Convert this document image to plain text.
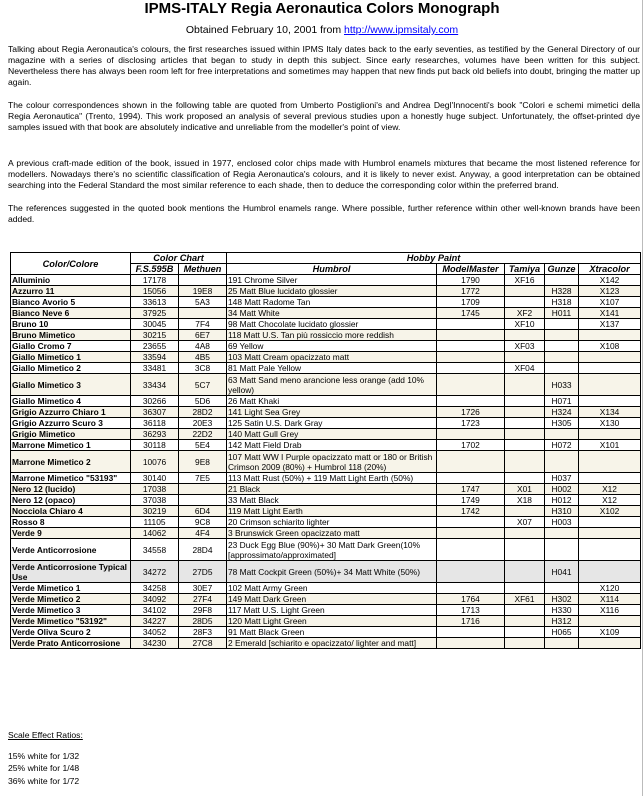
IPMS-ITALY Regia Aeronautica Colors Monograph
Obtained February 10, 2001 from http://www.ipmsitaly.com
Talking about Regia Aeronautica's colours, the first researches issued within IPMS Italy dates back to the early seventies, as testified by the General Directory of our magazine with a series of disclosing articles that began to study in depth this subject. Since early researches, volumes have been written for this subject. Nevertheless there has always been room left for free interpretations and sometimes may happen that new finds put back old beliefs into doubt, bringing the matter up again.
The colour correspondences shown in the following table are quoted from Umberto Postiglioni's and Andrea Degl'Innocenti's book "Colori e schemi mimetici della Regia Aeronautica" (Trento, 1994). This work proposed an analysis of several previous studies upon a honestly huge subject. Unfortunately, the offset-printed dye samples issued with that book are absolutely indicative and unreliable from the modeller's point of view.
A previous craft-made edition of the book, issued in 1977, enclosed color chips made with Humbrol enamels mixtures that became the most listened reference for modellers. Nowadays there's no scientific classification of Regia Aeronautica's colours, and it is likely to never exist. Anyway, a good interpretation can be obtained searching into the Federal Standard the most similar reference to each shade, then to deduce the corresponding color within the preferred brand.
The references suggested in the quoted book mentions the Humbrol enamels range. Where possible, further reference within other well-known brands have been added.
Color/Colore	Color Chart		Hobby Paint				
	F.S.595B	Methuen	Humbrol	ModelMaster	Tamiya	Gunze	Xtracolor
Alluminio	17178		191 Chrome Silver	1790	XF16		X142
Azzurro 11	15056	19E8	25 Matt Blue lucidato glossier	1772		H328	X123
Bianco Avorio 5	33613	5A3	148 Matt Radome Tan	1709		H318	X107
Bianco Neve 6	37925		34 Matt White	1745	XF2	H011	X141
Bruno 10	30045	7F4	98 Matt Chocolate lucidato glossier		XF10		X137
Bruno Mimetico	30215	6E7	118 Matt U.S. Tan più rossiccio more reddish				
Giallo Cromo 7	23655	4A8	69 Yellow		XF03		X108
Giallo Mimetico 1	33594	4B5	103 Matt Cream opacizzato matt				
Giallo Mimetico 2	33481	3C8	81 Matt Pale Yellow		XF04		
Giallo Mimetico 3	33434	5C7	63 Matt Sand meno arancione less orange (add 10% yellow)			H033	
Giallo Mimetico 4	30266	5D6	26 Matt Khaki			H071	
Grigio Azzurro Chiaro 1	36307	28D2	141 Light Sea Grey	1726		H324	X134
Grigio Azzurro Scuro 3	36118	20E3	125 Satin U.S. Dark Gray	1723		H305	X130
Grigio Mimetico	36293	22D2	140 Matt Gull Grey				
Marrone Mimetico 1	30118	5E4	142 Matt Field Drab	1702		H072	X101
Marrone Mimetico 2	10076	9E8	107 Matt WW I Purple opacizzato matt or 180 or British Crimson 2009 (80%) + Humbrol 118 (20%)				
Marrone Mimetico "53193"	30140	7E5	113 Matt Rust (50%) + 119 Matt Light Earth (50%)			H037	
Nero 12 (lucido)	17038		21 Black	1747	X01	H002	X12
Nero 12 (opaco)	37038		33 Matt Black	1749	X18	H012	X12
Nocciola Chiaro 4	30219	6D4	119 Matt Light Earth	1742		H310	X102
Rosso 8	11105	9C8	20 Crimson schiarito lighter		X07	H003	
Verde 9	14062	4F4	3 Brunswick Green opacizzato matt				
Verde Anticorrosione	34558	28D4	23 Duck Egg Blue (90%)+ 30 Matt Dark Green(10% [approssimato/approximated]				
Verde Anticorrosione Typical Use	34272	27D5	78 Matt Cockpit Green (50%)+ 34 Matt White (50%)			H041	
Verde Mimetico 1	34258	30E7	102 Matt Army Green				X120
Verde Mimetico 2	34092	27F4	149 Matt Dark Green	1764	XF61	H302	X114
Verde Mimetico 3	34102	29F8	117 Matt U.S. Light Green	1713		H330	X116
Verde Mimetico "53192"	34227	28D5	120 Matt Light Green	1716		H312	
Verde Oliva Scuro 2	34052	28F3	91 Matt Black Green			H065	X109
Verde Prato Anticorrosione	34230	27C8	2 Emerald [schiarito e opacizzato/ lighter and matt]				
Scale Effect Ratios:
15% white for 1/32
25% white for 1/48
36% white for 1/72
